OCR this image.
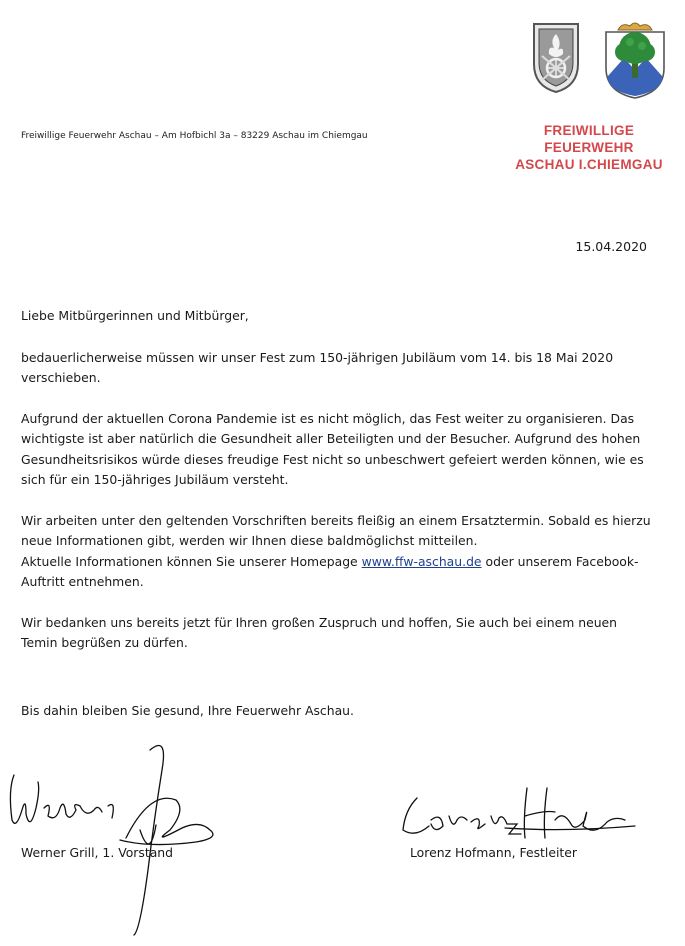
Freiwillige Feuerwehr Aschau – Am Hofbichl 3a – 83229 Aschau im Chiemgau	FREIWILLIGE
FEUERWEHR
ASCHAU I.CHIEMGAU
15.04.2020

Liebe Mitbürgerinnen und Mitbürger,

bedauerlicherweise müssen wir unser Fest zum 150-jährigen Jubiläum vom 14. bis 18 Mai 2020 verschieben.

Aufgrund der aktuellen Corona Pandemie ist es nicht möglich, das Fest weiter zu organisieren. Das wichtigste ist aber natürlich die Gesundheit aller Beteiligten und der Besucher. Aufgrund des hohen Gesundheitsrisikos würde dieses freudige Fest nicht so unbeschwert gefeiert werden können, wie es sich für ein 150-jähriges Jubiläum versteht.

Wir arbeiten unter den geltenden Vorschriften bereits fleißig an einem Ersatztermin. Sobald es hierzu neue Informationen gibt, werden wir Ihnen diese baldmöglichst mitteilen.

Aktuelle Informationen können Sie unserer Homepage www.ffw-aschau.de oder unserem Facebook-Auftritt entnehmen.

Wir bedanken uns bereits jetzt für Ihren großen Zuspruch und hoffen, Sie auch bei einem neuen Temin begrüßen zu dürfen.

Bis dahin bleiben Sie gesund, Ihre Feuerwehr Aschau.
Werner Grill, 1. Vorstand	Lorenz Hofmann, Festleiter
